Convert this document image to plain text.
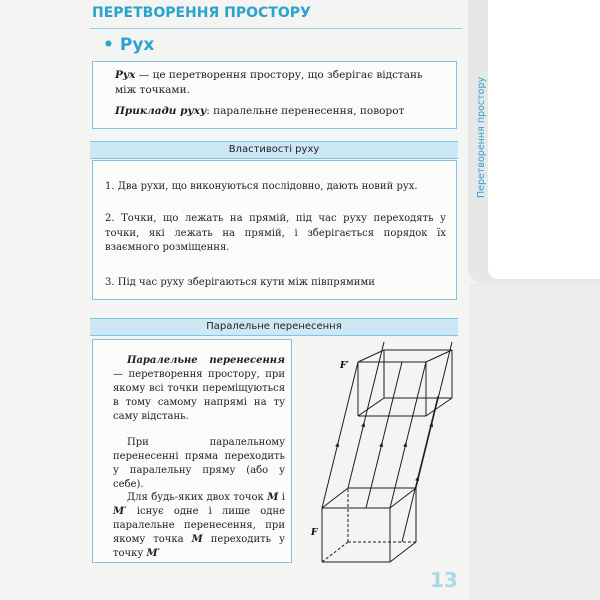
ПЕРЕТВОРЕННЯ ПРОСТОРУ
• Рух

Рух — це перетворення простору, що зберігає відстань між точками.

Приклади руху: паралельне перенесення, поворот

Властивості руху
1. Два рухи, що виконуються послідовно, дають новий рух.
2. Точки, що лежать на прямій, під час руху переходять у точки, які лежать на прямій, і зберігається порядок їх взаємного розміщення.
3. Під час руху зберігаються кути між півпрямими
Паралельне перенесення

Паралельне перенесення — перетворення простору, при якому всі точки переміщуються в тому самому напрямі на ту саму відстань.

При паралельному перенесенні пряма переходить у паралельну пряму (або у себе).

Для будь-яких двох точок M і M′ існує одне і лише одне паралельне перенесення, при якому точка M переходить у точку M′

F′
F
Перетворення простору
13
